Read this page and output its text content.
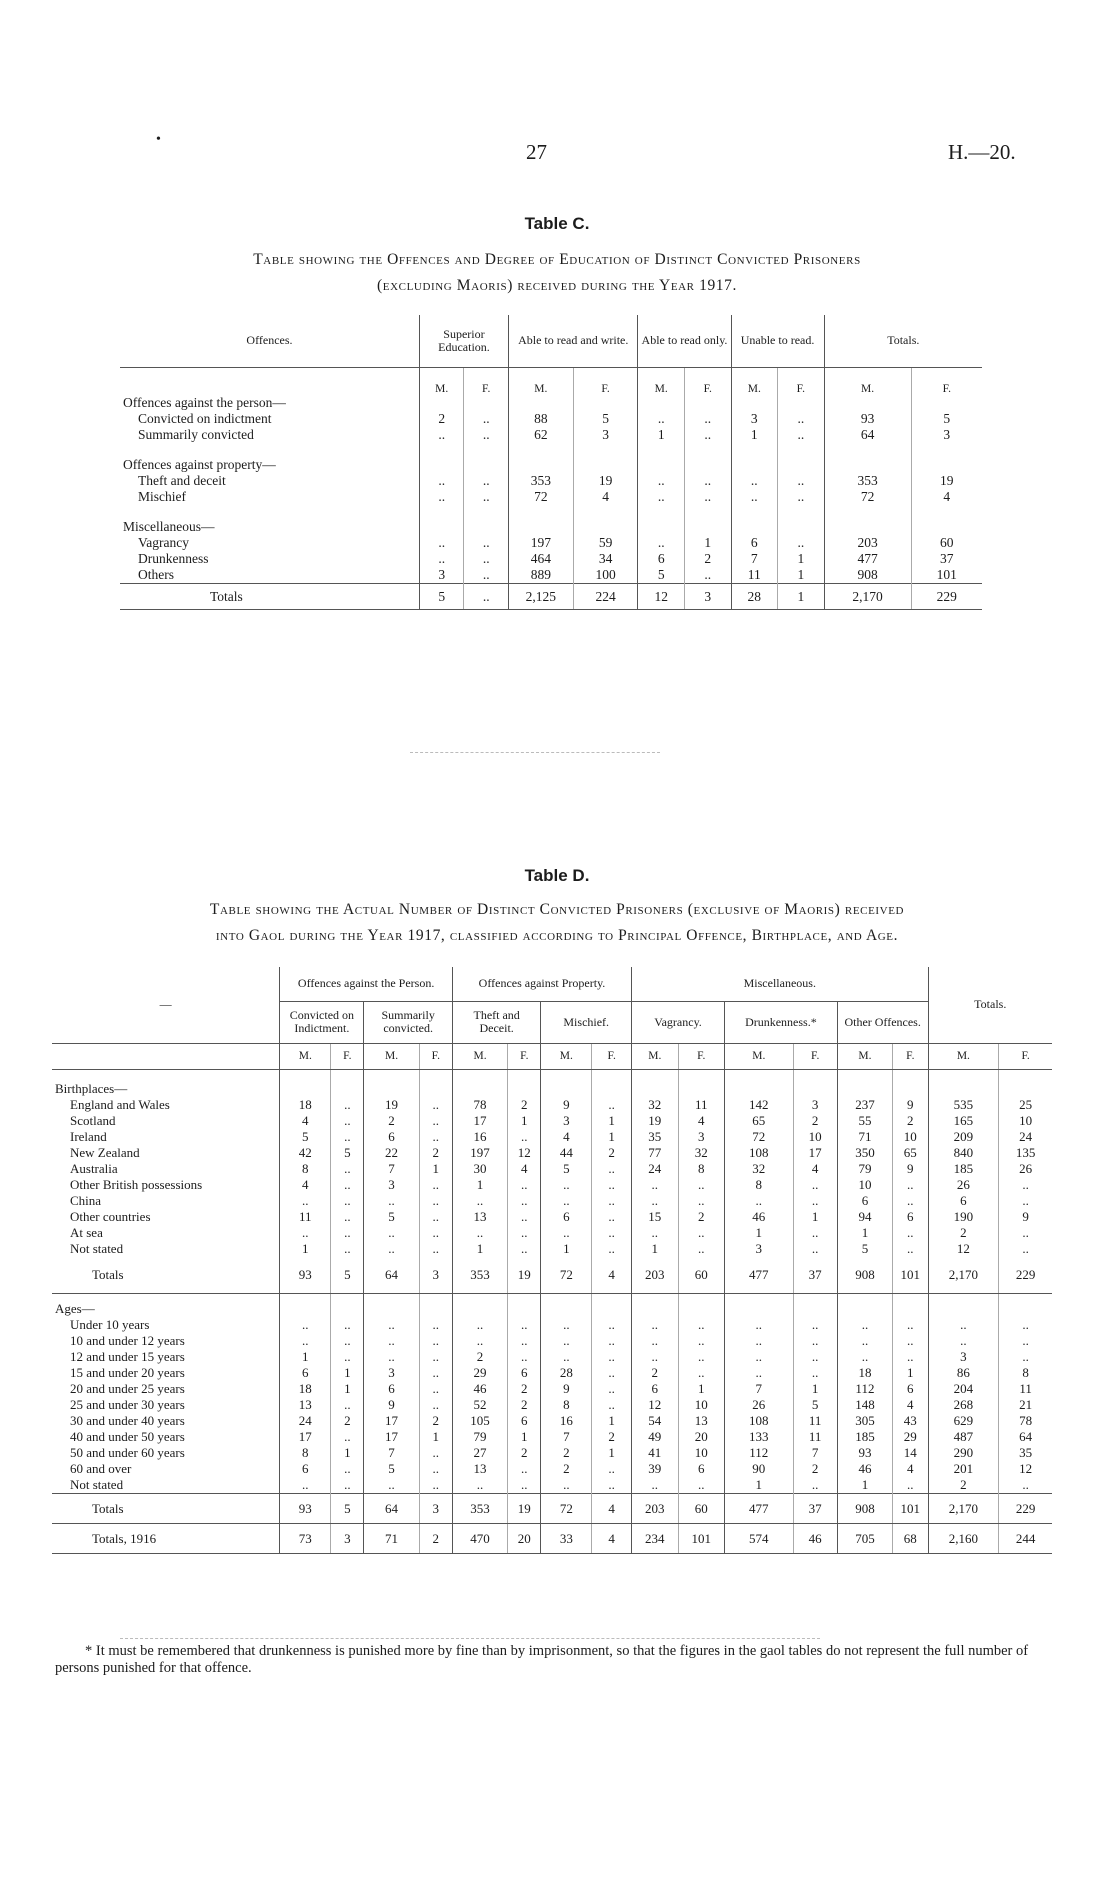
•
27	H.—20.
Table C.
Table showing the Offences and Degree of Education of Distinct Convicted Prisoners
(excluding Maoris) received during the Year 1917.
Offences.	Superior Education.		Able to read and write.		Able to read only.		Unable to read.		Totals.	
	M.	F.	M.	F.	M.	F.	M.	F.	M.	F.
Offences against the person—										
Convicted on indictment	2	..	88	5	..	..	3	..	93	5
Summarily convicted	..	..	62	3	1	..	1	..	64	3
Offences against property—										
Theft and deceit	..	..	353	19	..	..	..	..	353	19
Mischief	..	..	72	4	..	..	..	..	72	4
Miscellaneous—										
Vagrancy	..	..	197	59	..	1	6	..	203	60
Drunkenness	..	..	464	34	6	2	7	1	477	37
Others	3	..	889	100	5	..	11	1	908	101
Totals	5	..	2,125	224	12	3	28	1	2,170	229
Table D.
Table showing the Actual Number of Distinct Convicted Prisoners (exclusive of Maoris) received
into Gaol during the Year 1917, classified according to Principal Offence, Birthplace, and Age.
—	Offences against the Person.				Offences against Property.				Miscellaneous.						Totals.	
	Convicted on Indictment.		Summarily convicted.		Theft and Deceit.		Mischief.		Vagrancy.		Drunkenness.*		Other Offences.			
	M.	F.	M.	F.	M.	F.	M.	F.	M.	F.	M.	F.	M.	F.	M.	F.
Birthplaces—																
England and Wales	18	..	19	..	78	2	9	..	32	11	142	3	237	9	535	25
Scotland	4	..	2	..	17	1	3	1	19	4	65	2	55	2	165	10
Ireland	5	..	6	..	16	..	4	1	35	3	72	10	71	10	209	24
New Zealand	42	5	22	2	197	12	44	2	77	32	108	17	350	65	840	135
Australia	8	..	7	1	30	4	5	..	24	8	32	4	79	9	185	26
Other British possessions	4	..	3	..	1	..	..	..	..	..	8	..	10	..	26	..
China	..	..	..	..	..	..	..	..	..	..	..	..	6	..	6	..
Other countries	11	..	5	..	13	..	6	..	15	2	46	1	94	6	190	9
At sea	..	..	..	..	..	..	..	..	..	..	1	..	1	..	2	..
Not stated	1	..	..	..	1	..	1	..	1	..	3	..	5	..	12	..
Totals	93	5	64	3	353	19	72	4	203	60	477	37	908	101	2,170	229
Ages—																
Under 10 years	..	..	..	..	..	..	..	..	..	..	..	..	..	..	..	..
10 and under 12 years	..	..	..	..	..	..	..	..	..	..	..	..	..	..	..	..
12 and under 15 years	1	..	..	..	2	..	..	..	..	..	..	..	..	..	3	..
15 and under 20 years	6	1	3	..	29	6	28	..	2	..	..	..	18	1	86	8
20 and under 25 years	18	1	6	..	46	2	9	..	6	1	7	1	112	6	204	11
25 and under 30 years	13	..	9	..	52	2	8	..	12	10	26	5	148	4	268	21
30 and under 40 years	24	2	17	2	105	6	16	1	54	13	108	11	305	43	629	78
40 and under 50 years	17	..	17	1	79	1	7	2	49	20	133	11	185	29	487	64
50 and under 60 years	8	1	7	..	27	2	2	1	41	10	112	7	93	14	290	35
60 and over	6	..	5	..	13	..	2	..	39	6	90	2	46	4	201	12
Not stated	..	..	..	..	..	..	..	..	..	..	1	..	1	..	2	..
Totals	93	5	64	3	353	19	72	4	203	60	477	37	908	101	2,170	229
Totals, 1916	73	3	71	2	470	20	33	4	234	101	574	46	705	68	2,160	244
* It must be remembered that drunkenness is punished more by fine than by imprisonment, so that the figures in the gaol tables do not represent the full number of persons punished for that offence.
